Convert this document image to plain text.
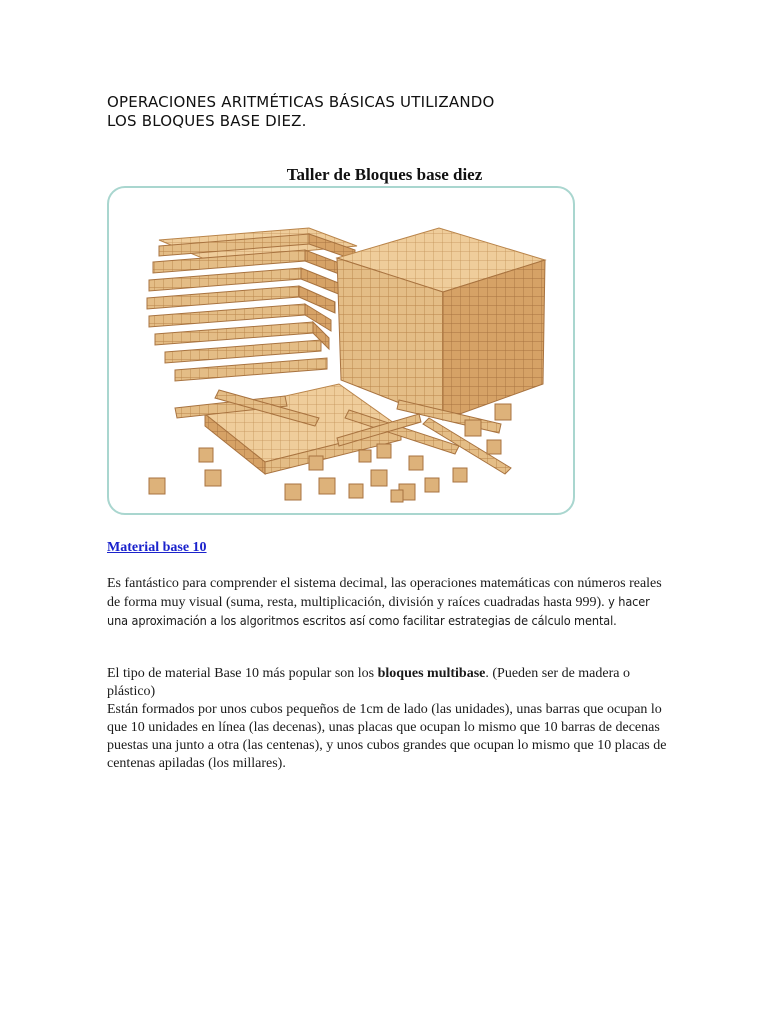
OPERACIONES ARITMÉTICAS BÁSICAS UTILIZANDO
LOS BLOQUES BASE DIEZ.
Taller de Bloques base diez
Material base 10
Es fantástico para comprender el sistema decimal, las operaciones matemáticas con números reales de forma muy visual (suma, resta, multiplicación, división y raíces cuadradas hasta 999). y hacer una aproximación a los algoritmos escritos así como facilitar estrategias de cálculo mental.
El tipo de material Base 10 más popular son los bloques multibase. (Pueden ser de madera o plástico)
Están formados por unos cubos pequeños de 1cm de lado (las unidades), unas barras que ocupan lo que 10 unidades en línea (las decenas), unas placas que ocupan lo mismo que 10 barras de decenas puestas una junto a otra (las centenas), y unos cubos grandes que ocupan lo mismo que 10 placas de centenas apiladas (los millares).
